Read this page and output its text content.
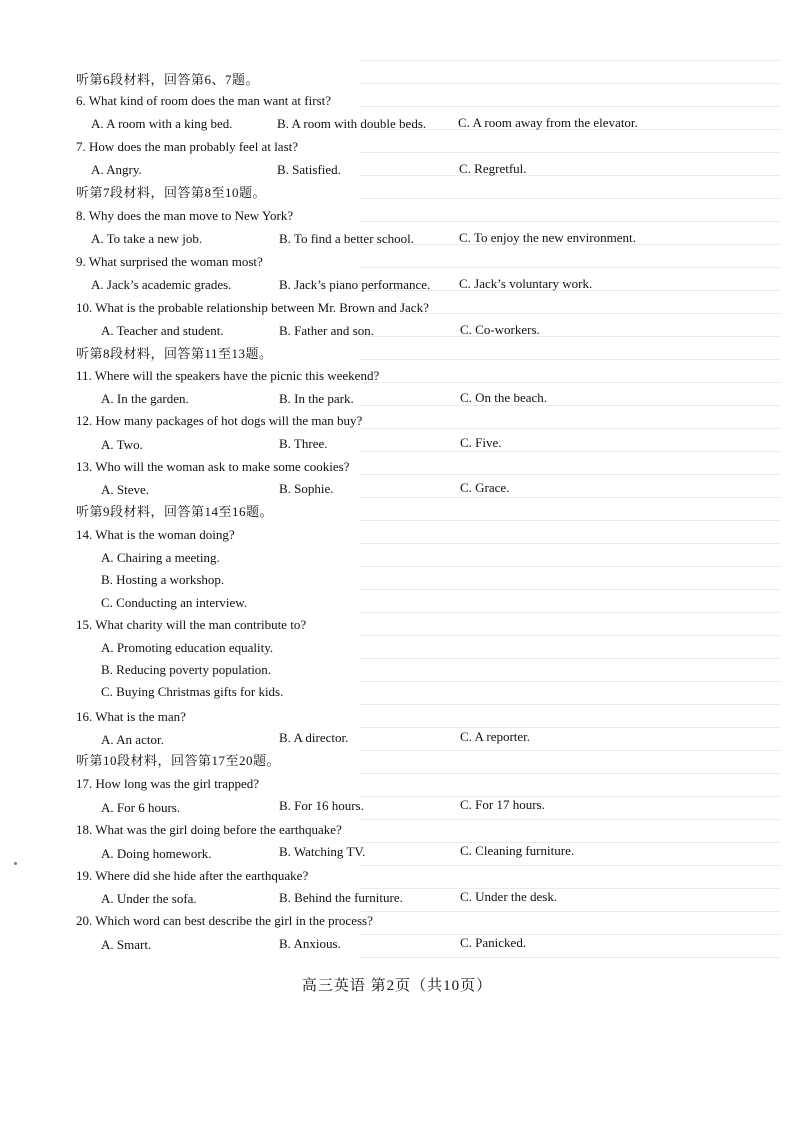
听第6段材料，回答第6、7题。
6. What kind of room does the man want at first?
A. A room with a king bed.	B. A room with double beds. C. A room away from the elevator.
7. How does the man probably feel at last?
A. Angry.	B. Satisfied.	C. Regretful.
听第7段材料，回答第8至10题。
8. Why does the man move to New York?
A. To take a new job.	B. To find a better school.	C. To enjoy the new environment.
9. What surprised the woman most?
A. Jack’s academic grades.	B. Jack’s piano performance. C. Jack’s voluntary work.
10. What is the probable relationship between Mr. Brown and Jack?
A. Teacher and student.	B. Father and son.	C. Co-workers.
听第8段材料，回答第11至13题。
11. Where will the speakers have the picnic this weekend?
A. In the garden.	B. In the park.	C. On the beach.
12. How many packages of hot dogs will the man buy?
A. Two.	B. Three.	C. Five.
13. Who will the woman ask to make some cookies?
A. Steve.	B. Sophie.	C. Grace.
听第9段材料，回答第14至16题。
14. What is the woman doing?
A. Chairing a meeting.
B. Hosting a workshop.
C. Conducting an interview.
15. What charity will the man contribute to?
A. Promoting education equality.
B. Reducing poverty population.
C. Buying Christmas gifts for kids.
16. What is the man?
A. An actor.	B. A director.	C. A reporter.
听第10段材料，回答第17至20题。
17. How long was the girl trapped?
A. For 6 hours.	B. For 16 hours.	C. For 17 hours.
18. What was the girl doing before the earthquake?
A. Doing homework.	B. Watching TV.	C. Cleaning furniture.
19. Where did she hide after the earthquake?
A. Under the sofa.	B. Behind the furniture.	C. Under the desk.
20. Which word can best describe the girl in the process?
A. Smart.	B. Anxious.	C. Panicked.
高三英语 第2页（共10页）
